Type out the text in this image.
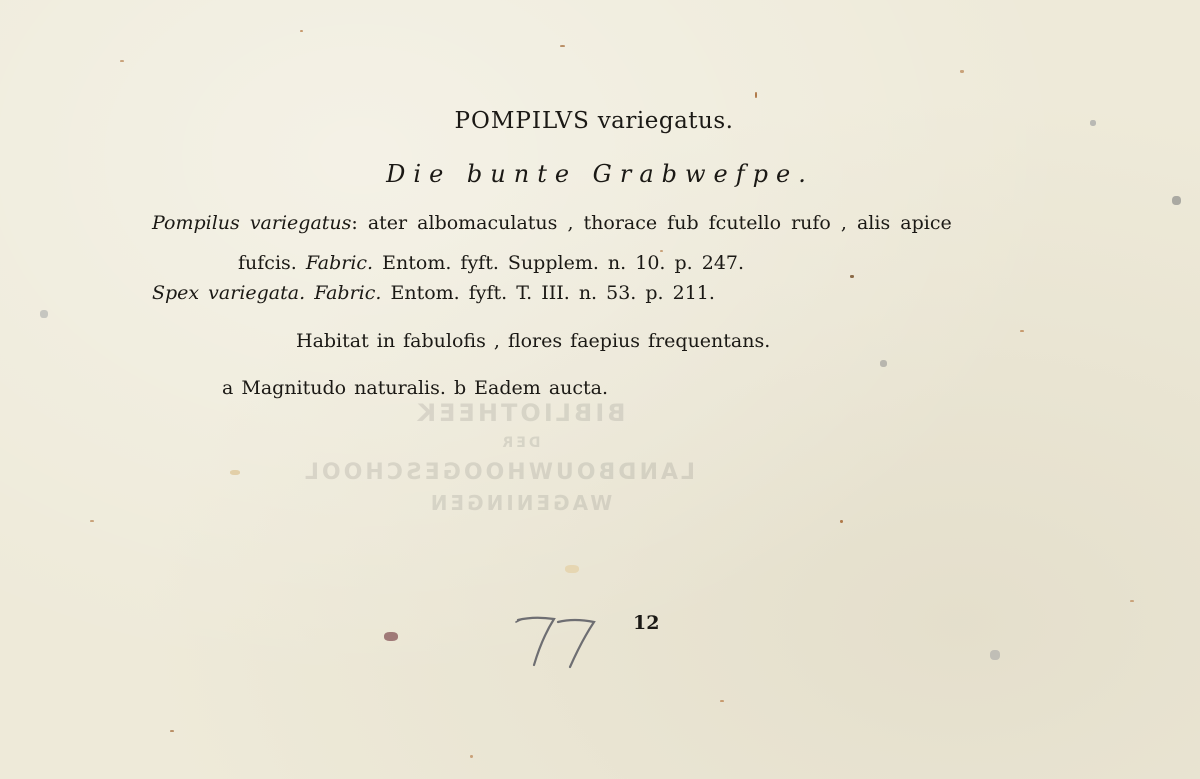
BIBLIOTHEEK
DER
LANDBOUWHOOGESCHOOL
WAGENINGEN
POMPILVS variegatus.
Die bunte Grabwefpe.
Pompilus variegatus: ater albomaculatus , thorace fub fcutello rufo , alis apice
fufcis. Fabric. Entom. fyft. Supplem. n. 10. p. 247.
Spex variegata. Fabric. Entom. fyft. T. III. n. 53. p. 211.
Habitat in fabulofis , flores faepius frequentans.
a Magnitudo naturalis. b Eadem aucta.
12
